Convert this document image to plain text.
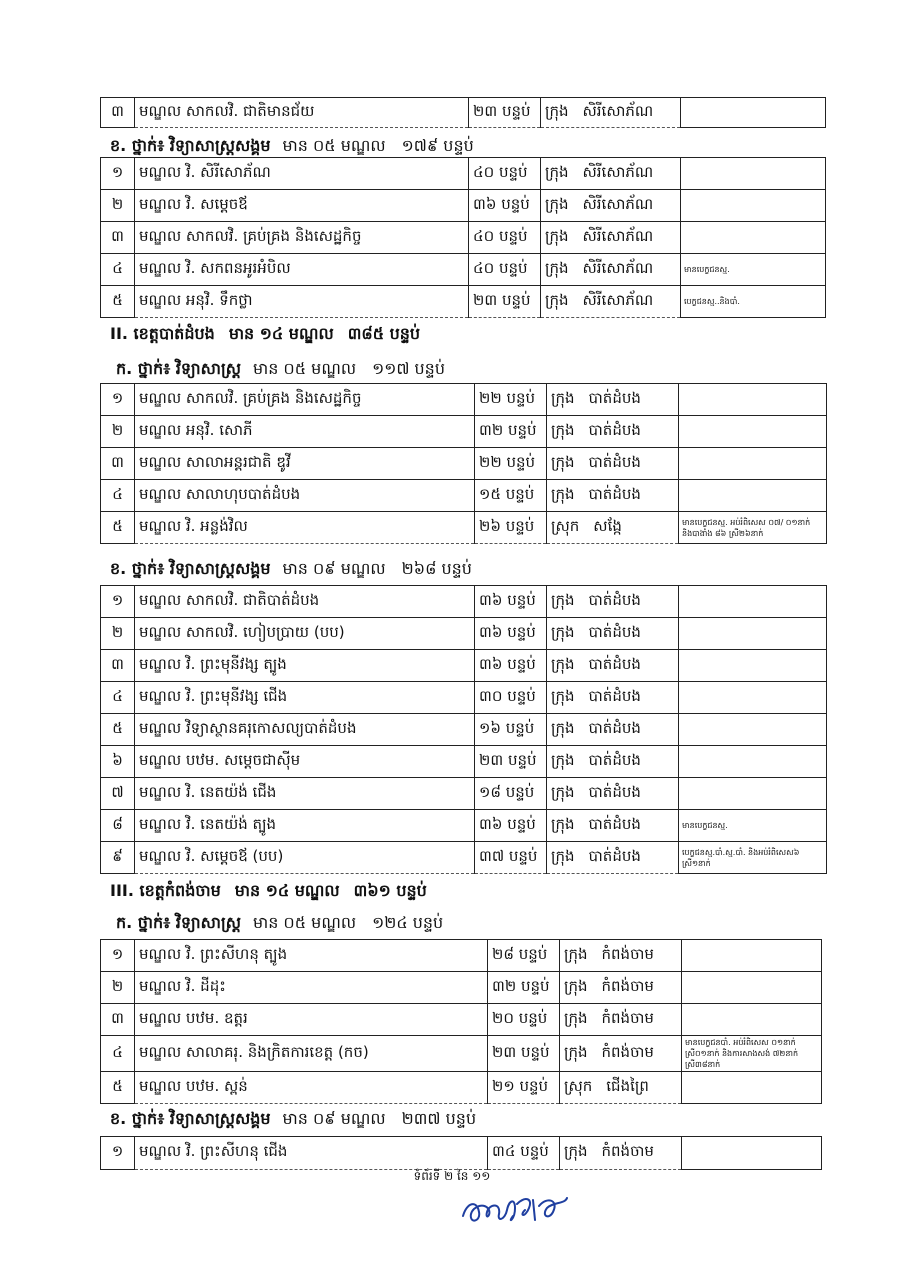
៣	មណ្ឌល សាកលវិ. ជាតិមានជ័យ	២៣ បន្ទប់	ក្រុង សិរីសោភ័ណ	
ខ. ថ្នាក់៖ វិទ្យាសាស្ត្រសង្គម មាន ០៥ មណ្ឌល ១៧៩ បន្ទប់
១	មណ្ឌល វិ. សិរីសោភ័ណ	៤០ បន្ទប់	ក្រុង សិរីសោភ័ណ	
២	មណ្ឌល វិ. សម្តេចឪ	៣៦ បន្ទប់	ក្រុង សិរីសោភ័ណ	
៣	មណ្ឌល សាកលវិ. គ្រប់គ្រង និងសេដ្ឋកិច្ច	៤០ បន្ទប់	ក្រុង សិរីសោភ័ណ	
៤	មណ្ឌល វិ. សកពនអូរអំបិល	៤០ បន្ទប់	ក្រុង សិរីសោភ័ណ	មានបេក្ខជនស្ម.
៥	មណ្ឌល អនុវិ. ទឹកថ្លា	២៣ បន្ទប់	ក្រុង សិរីសោភ័ណ	បេក្ខជនស្ម..និងបាំ.
II. ខេត្តបាត់ដំបង មាន ១៤ មណ្ឌល ៣៨៥ បន្ទប់
ក. ថ្នាក់៖ វិទ្យាសាស្ត្រ មាន ០៥ មណ្ឌល ១១៧ បន្ទប់
១	មណ្ឌល សាកលវិ. គ្រប់គ្រង និងសេដ្ឋកិច្ច	២២ បន្ទប់	ក្រុង បាត់ដំបង	
២	មណ្ឌល អនុវិ. សោភី	៣២ បន្ទប់	ក្រុង បាត់ដំបង	
៣	មណ្ឌល សាលាអន្តរជាតិ ឌូវី	២២ បន្ទប់	ក្រុង បាត់ដំបង	
៤	មណ្ឌល សាលាហុបបាត់ដំបង	១៥ បន្ទប់	ក្រុង បាត់ដំបង	
៥	មណ្ឌល វិ. អន្លង់វិល	២៦ បន្ទប់	ស្រុក សង្កែ	មានបេក្ខជនស្ម. អប់រំពិសេស ០៧/ ០១នាក់ និងបាងាំង ៨៦ ស្រី២៦នាក់
ខ. ថ្នាក់៖ វិទ្យាសាស្ត្រសង្គម មាន ០៩ មណ្ឌល ២៦៨ បន្ទប់
១	មណ្ឌល សាកលវិ. ជាតិបាត់ដំបង	៣៦ បន្ទប់	ក្រុង បាត់ដំបង	
២	មណ្ឌល សាកលវិ. ហៀបប្រាយ (បប)	៣៦ បន្ទប់	ក្រុង បាត់ដំបង	
៣	មណ្ឌល វិ. ព្រះមុនីវង្ស ត្បូង	៣៦ បន្ទប់	ក្រុង បាត់ដំបង	
៤	មណ្ឌល វិ. ព្រះមុនីវង្ស ជើង	៣០ បន្ទប់	ក្រុង បាត់ដំបង	
៥	មណ្ឌល វិទ្យាស្ថានគរុកោសល្យបាត់ដំបង	១៦ បន្ទប់	ក្រុង បាត់ដំបង	
៦	មណ្ឌល បឋម. សម្តេចជាស៊ីម	២៣ បន្ទប់	ក្រុង បាត់ដំបង	
៧	មណ្ឌល វិ. នេតយ៉ង់ ជើង	១៨ បន្ទប់	ក្រុង បាត់ដំបង	
៨	មណ្ឌល វិ. នេតយ៉ង់ ត្បូង	៣៦ បន្ទប់	ក្រុង បាត់ដំបង	មានបេក្ខជនស្ម.
៩	មណ្ឌល វិ. សម្តេចឪ (បប)	៣៧ បន្ទប់	ក្រុង បាត់ដំបង	បេក្ខជនស្ម.បាំ.ស្ម.បាំ. និងអប់រំពិសេស៦ ស្រី១នាក់
III. ខេត្តកំពង់ចាម មាន ១៤ មណ្ឌល ៣៦១ បន្ទប់
ក. ថ្នាក់៖ វិទ្យាសាស្ត្រ មាន ០៥ មណ្ឌល ១២៤ បន្ទប់
១	មណ្ឌល វិ. ព្រះសីហនុ ត្បូង	២៨ បន្ទប់	ក្រុង កំពង់ចាម	
២	មណ្ឌល វិ. ដីដុះ	៣២ បន្ទប់	ក្រុង កំពង់ចាម	
៣	មណ្ឌល បឋម. ឧត្តរ	២០ បន្ទប់	ក្រុង កំពង់ចាម	
៤	មណ្ឌល សាលាគរុ. និងក្រិតការខេត្ត (កច)	២៣ បន្ទប់	ក្រុង កំពង់ចាម	មានបេក្ខជនបាំ. អប់រំពិសេស ០១នាក់ ស្រី០១នាក់ និងការសាងសង់ ៧២នាក់ ស្រី៣៨នាក់
៥	មណ្ឌល បឋម. ស្ពន់	២១ បន្ទប់	ស្រុក ជើងព្រៃ	
ខ. ថ្នាក់៖ វិទ្យាសាស្ត្រសង្គម មាន ០៩ មណ្ឌល ២៣៧ បន្ទប់
១	មណ្ឌល វិ. ព្រះសីហនុ ជើង	៣៤ បន្ទប់	ក្រុង កំពង់ចាម	
ទំព័រទី ២ នៃ ១១
